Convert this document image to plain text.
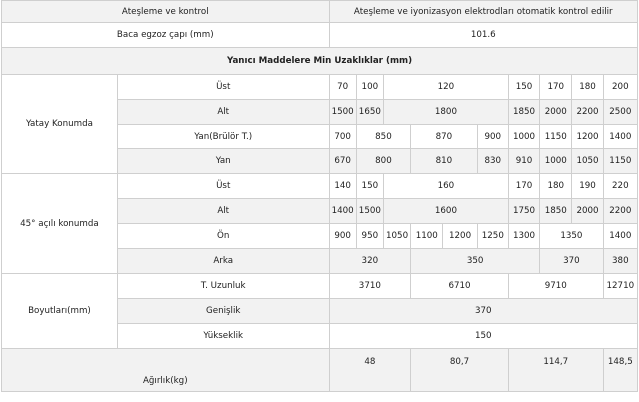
Ateşleme ve kontrol		Ateşleme ve iyonizasyon elektrodları otomatik kontrol edilir									
Baca egzoz çapı (mm)		101.6									
Yanıcı Maddelere Min Uzaklıklar (mm)											
Yatay Konumda	Üst	70	100	120				150	170	180	200
	Alt	1500	1650	1800				1850	2000	2200	2500
	Yan(Brülör T.)	700	850		870		900	1000	1150	1200	1400
	Yan	670	800		810		830	910	1000	1050	1150
45° açılı konumda	Üst	140	150	160				170	180	190	220
	Alt	1400	1500	1600				1750	1850	2000	2200
	Ön	900	950	1050	1100	1200	1250	1300	1350		1400
	Arka	320			350				370		380
Boyutları(mm)	T. Uzunluk	3710			6710			9710			12710
	Genişlik	370									
	Yükseklik	150									
Ağırlık(kg)		48			80,7			114,7			148,5
